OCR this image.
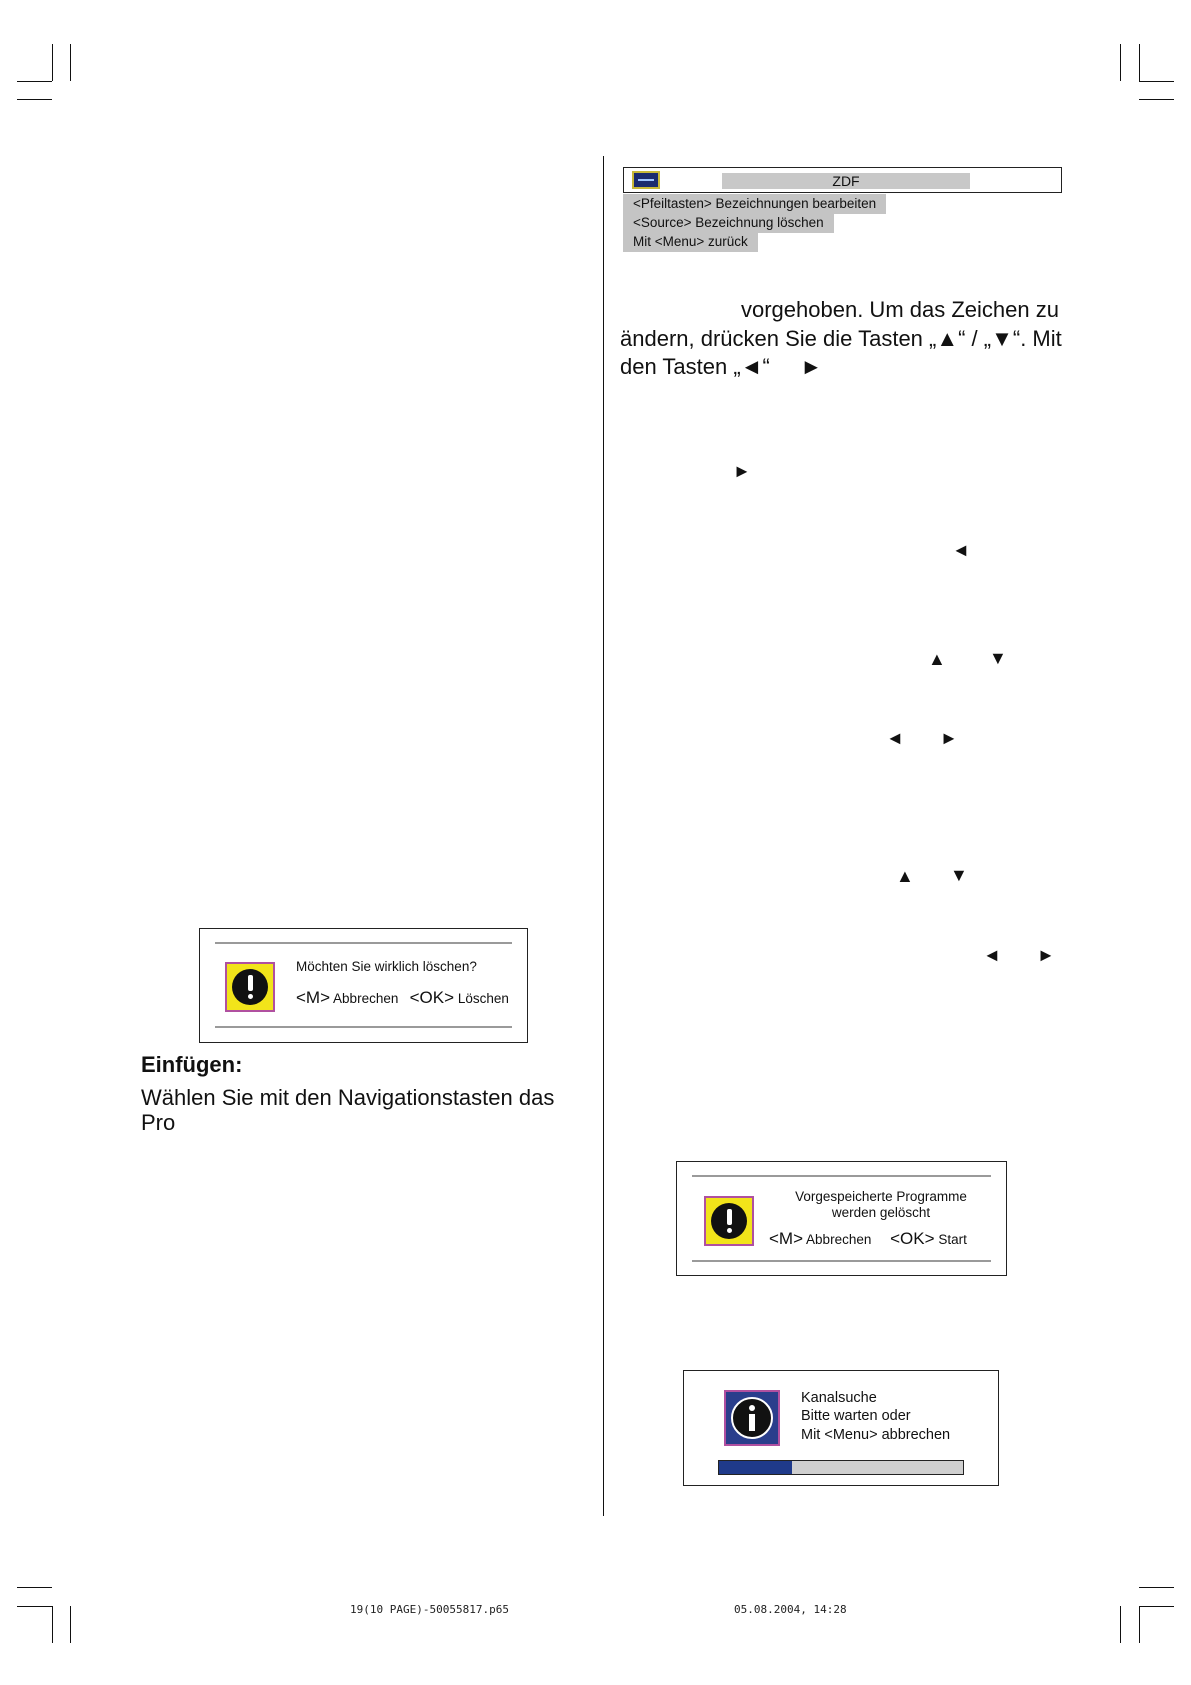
ZDF
<Pfeiltasten> Bezeichnungen bearbeiten
<Source> Bezeichnung löschen
Mit <Menu> zurück
vorgehoben. Um das Zeichen zu
ändern, drücken Sie die Tasten „▲“ / „▼“. Mit
den Tasten „◄“     ►
►
◄
▲ ▼
◄ ►
▲ ▼
◄ ►
Möchten Sie wirklich löschen?
<M> Abbrechen <OK> Löschen
Einfügen:
Wählen Sie mit den Navigationstasten das
Pro
Vorgespeicherte Programme
werden gelöscht
<M> Abbrechen <OK> Start
Kanalsuche
Bitte warten oder
Mit <Menu> abbrechen
19(10 PAGE)-50055817.p65	05.08.2004, 14:28
